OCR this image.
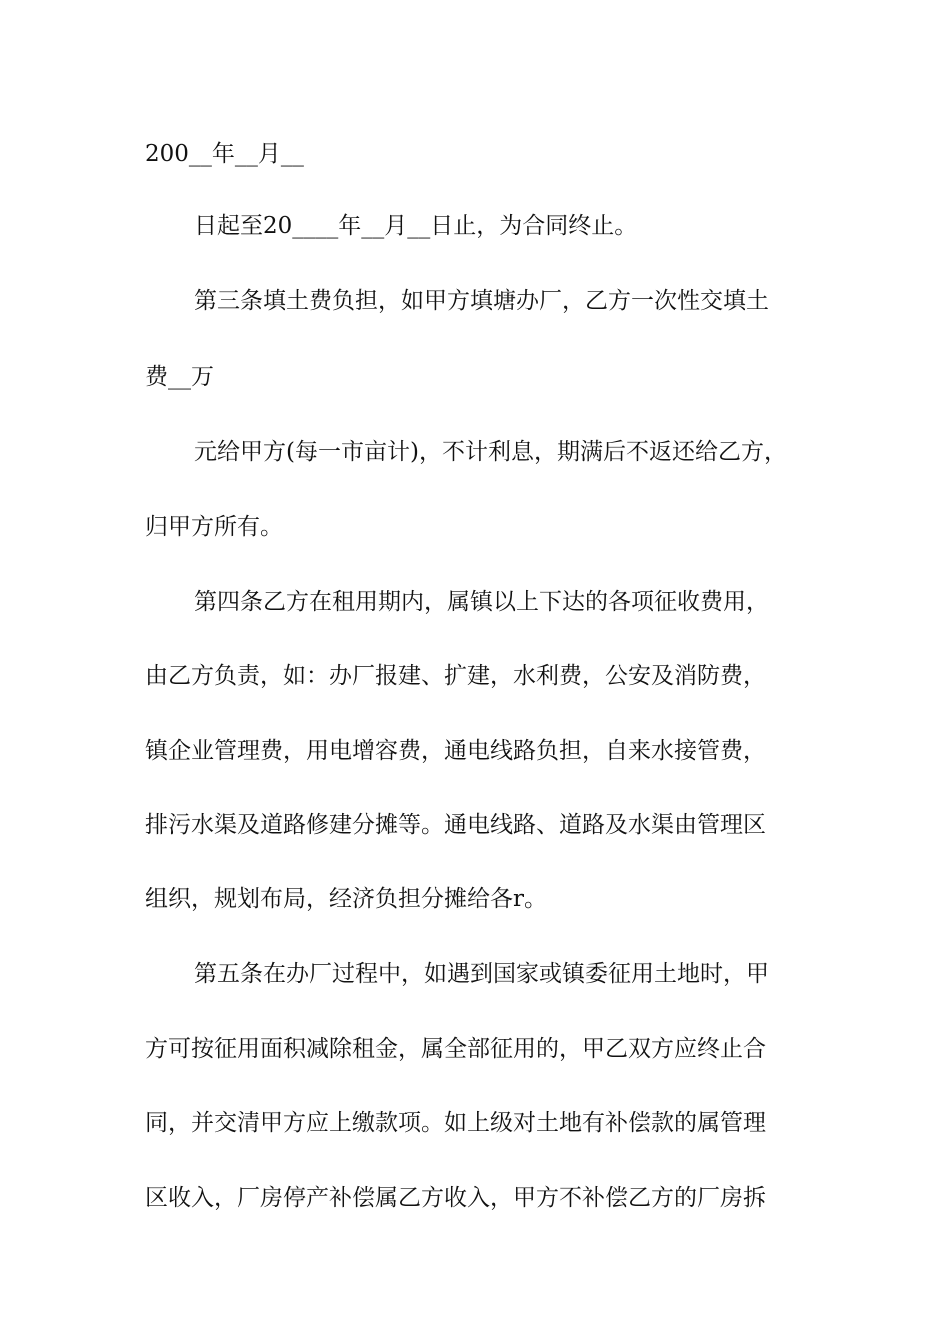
200__年__月__
日起至20____年__月__日止，为合同终止。
第三条填土费负担，如甲方填塘办厂，乙方一次性交填土
费__万
元给甲方(每一市亩计)，不计利息，期满后不返还给乙方，
归甲方所有。
第四条乙方在租用期内，属镇以上下达的各项征收费用，
由乙方负责，如：办厂报建、扩建，水利费，公安及消防费，
镇企业管理费，用电增容费，通电线路负担，自来水接管费，
排污水渠及道路修建分摊等。通电线路、道路及水渠由管理区
组织，规划布局，经济负担分摊给各r。
第五条在办厂过程中，如遇到国家或镇委征用土地时，甲
方可按征用面积减除租金，属全部征用的，甲乙双方应终止合
同，并交清甲方应上缴款项。如上级对土地有补偿款的属管理
区收入，厂房停产补偿属乙方收入，甲方不补偿乙方的厂房拆
